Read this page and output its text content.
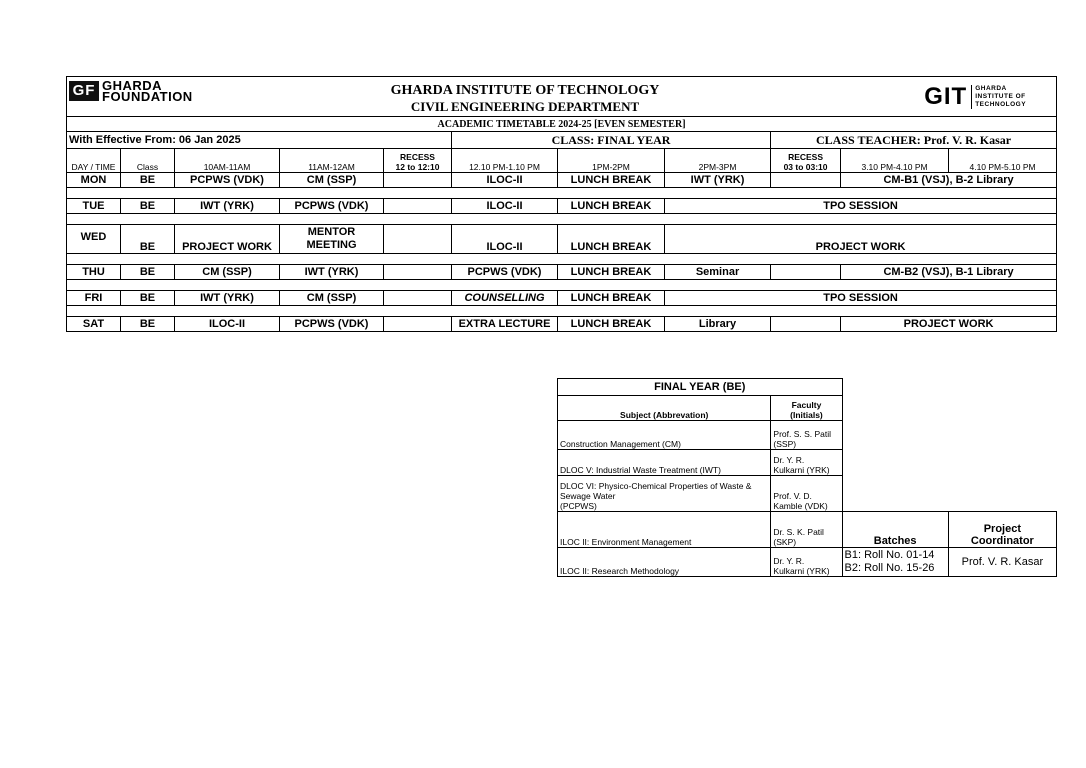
GF GHARDA
FOUNDATION			GHARDA INSTITUTE OF TECHNOLOGY					GIT GHARDA
INSTITUTE OF
TECHNOLOGY		

			CIVIL ENGINEERING DEPARTMENT							
ACADEMIC TIMETABLE 2024-25 [EVEN SEMESTER]										
With Effective From: 06 Jan 2025					CLASS: FINAL YEAR			CLASS TEACHER: Prof. V. R. Kasar		
DAY / TIME	Class	10AM-11AM	11AM-12AM	RECESS
12 to 12:10	12.10 PM-1.10 PM	1PM-2PM	2PM-3PM	RECESS
03 to 03:10	3.10 PM-4.10 PM	4.10 PM-5.10 PM
MON	BE	PCPWS (VDK)	CM (SSP)		ILOC-II	LUNCH BREAK	IWT (YRK)		CM-B1 (VSJ), B-2 Library	

TUE	BE	IWT (YRK)	PCPWS (VDK)		ILOC-II	LUNCH BREAK	TPO SESSION			

WED	BE	PROJECT WORK	MENTOR
MEETING		ILOC-II	LUNCH BREAK	PROJECT WORK			

THU	BE	CM (SSP)	IWT (YRK)		PCPWS (VDK)	LUNCH BREAK	Seminar		CM-B2 (VSJ), B-1 Library	

FRI	BE	IWT (YRK)	CM (SSP)		COUNSELLING	LUNCH BREAK	TPO SESSION			

SAT	BE	ILOC-II	PCPWS (VDK)		EXTRA LECTURE	LUNCH BREAK	Library		PROJECT WORK	
FINAL YEAR (BE)			
Subject (Abbrevation)	Faculty
(Initials)		
Construction Management (CM)	Prof. S. S. Patil
(SSP)		
DLOC V: Industrial Waste Treatment (IWT)	Dr. Y. R.
Kulkarni (YRK)		
DLOC VI: Physico-Chemical Properties of Waste &
Sewage Water
(PCPWS)	Prof. V. D.
Kamble (VDK)		
ILOC II: Environment Management	Dr. S. K. Patil
(SKP)	Batches	Project
Coordinator
ILOC II: Research Methodology	Dr. Y. R.
Kulkarni (YRK)	B1: Roll No. 01-14
B2: Roll No. 15-26	Prof. V. R. Kasar
